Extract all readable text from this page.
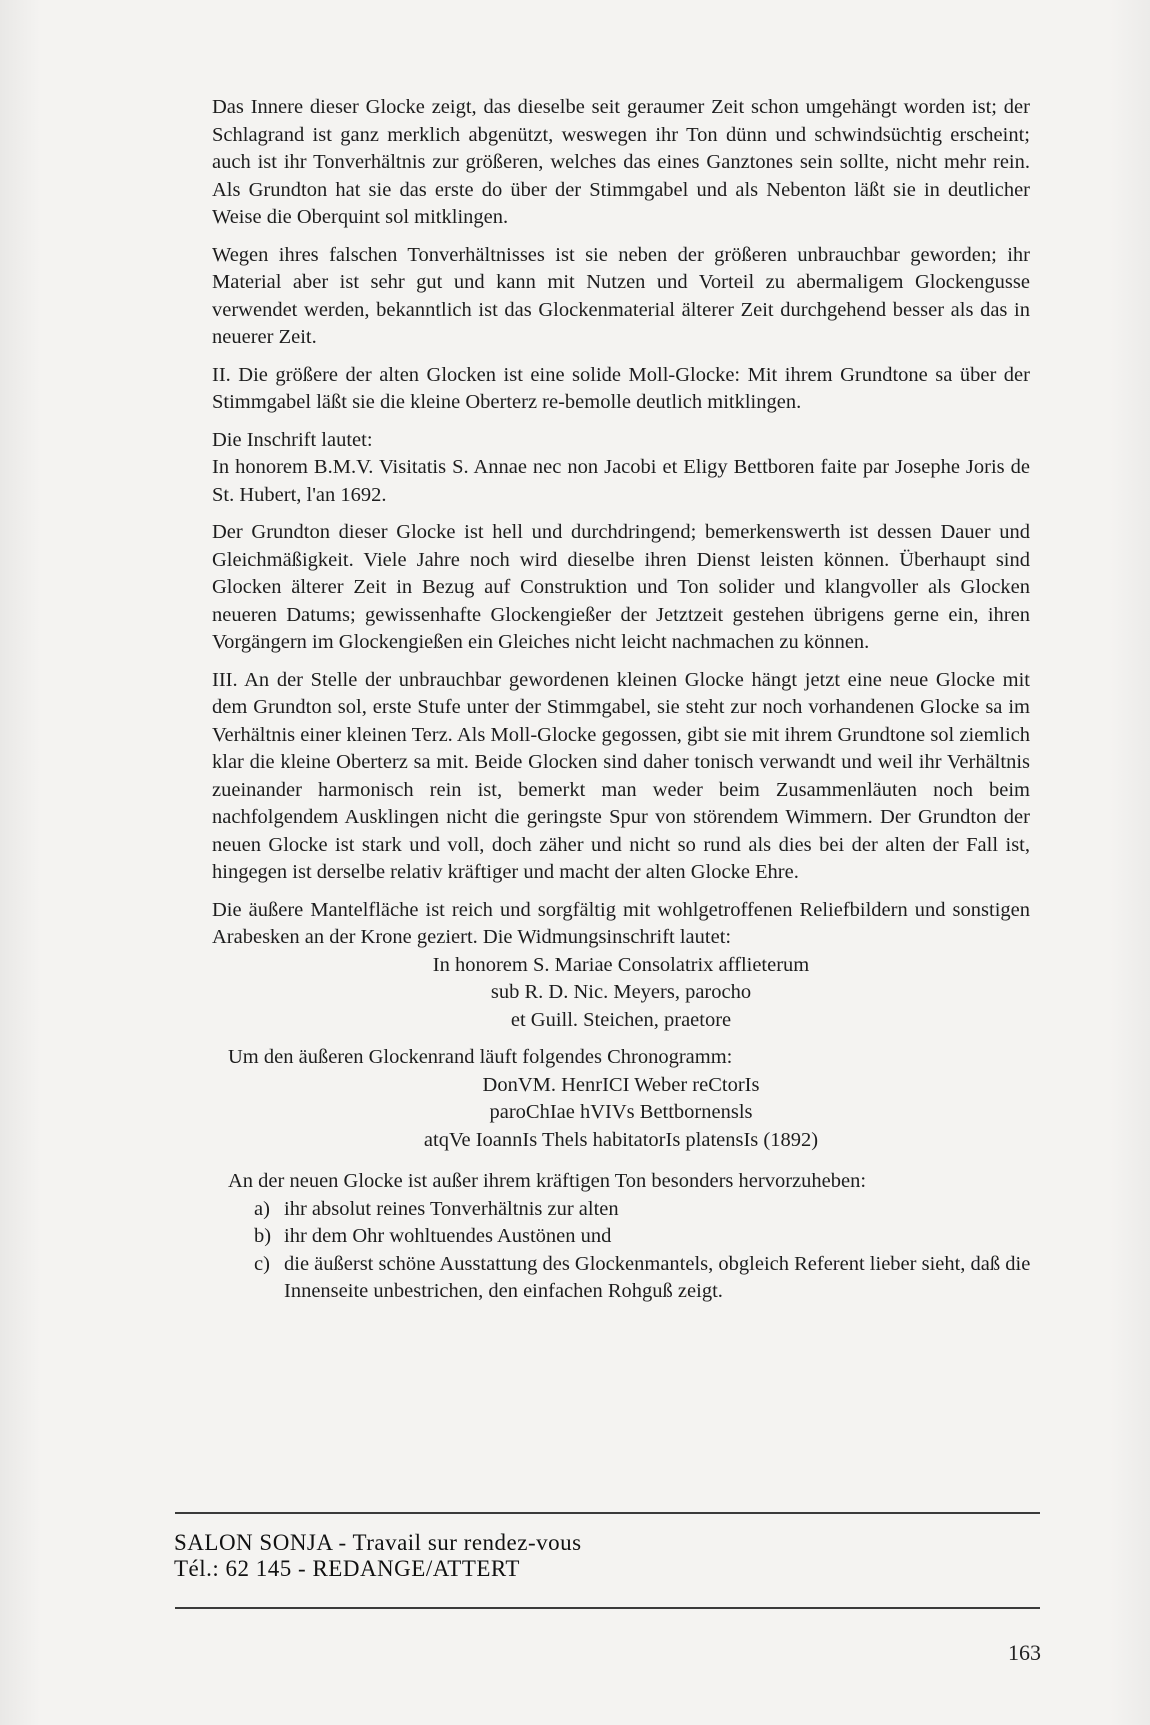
Das Innere dieser Glocke zeigt, das dieselbe seit geraumer Zeit schon umgehängt worden ist; der Schlagrand ist ganz merklich abgenützt, weswegen ihr Ton dünn und schwindsüchtig erscheint; auch ist ihr Tonverhältnis zur größeren, welches das eines Ganztones sein sollte, nicht mehr rein. Als Grundton hat sie das erste do über der Stimmgabel und als Nebenton läßt sie in deutlicher Weise die Oberquint sol mitklingen.

Wegen ihres falschen Tonverhältnisses ist sie neben der größeren unbrauchbar geworden; ihr Material aber ist sehr gut und kann mit Nutzen und Vorteil zu abermaligem Glockengusse verwendet werden, bekanntlich ist das Glockenmaterial älterer Zeit durchgehend besser als das in neuerer Zeit.

II. Die größere der alten Glocken ist eine solide Moll-Glocke: Mit ihrem Grundtone sa über der Stimmgabel läßt sie die kleine Oberterz re-bemolle deutlich mitklingen.

Die Inschrift lautet:

In honorem B.M.V. Visitatis S. Annae nec non Jacobi et Eligy Bettboren faite par Josephe Joris de St. Hubert, l'an 1692.

Der Grundton dieser Glocke ist hell und durchdringend; bemerkenswerth ist dessen Dauer und Gleichmäßigkeit. Viele Jahre noch wird dieselbe ihren Dienst leisten können. Überhaupt sind Glocken älterer Zeit in Bezug auf Construktion und Ton solider und klangvoller als Glocken neueren Datums; gewissenhafte Glockengießer der Jetztzeit gestehen übrigens gerne ein, ihren Vorgängern im Glockengießen ein Gleiches nicht leicht nachmachen zu können.

III. An der Stelle der unbrauchbar gewordenen kleinen Glocke hängt jetzt eine neue Glocke mit dem Grundton sol, erste Stufe unter der Stimmgabel, sie steht zur noch vorhandenen Glocke sa im Verhältnis einer kleinen Terz. Als Moll-Glocke gegossen, gibt sie mit ihrem Grundtone sol ziemlich klar die kleine Oberterz sa mit. Beide Glocken sind daher tonisch verwandt und weil ihr Verhältnis zueinander harmonisch rein ist, bemerkt man weder beim Zusammenläuten noch beim nachfolgendem Ausklingen nicht die geringste Spur von störendem Wimmern. Der Grundton der neuen Glocke ist stark und voll, doch zäher und nicht so rund als dies bei der alten der Fall ist, hingegen ist derselbe relativ kräftiger und macht der alten Glocke Ehre.

Die äußere Mantelfläche ist reich und sorgfältig mit wohlgetroffenen Reliefbildern und sonstigen Arabesken an der Krone geziert. Die Widmungsinschrift lautet:

In honorem S. Mariae Consolatrix afflieterum

sub R. D. Nic. Meyers, parocho

et Guill. Steichen, praetore

Um den äußeren Glockenrand läuft folgendes Chronogramm:

DonVM. HenrICI Weber reCtorIs

paroChIae hVIVs Bettbornensls

atqVe IoannIs Thels habitatorIs platensIs (1892)

An der neuen Glocke ist außer ihrem kräftigen Ton besonders hervorzuheben:

a) ihr absolut reines Tonverhältnis zur alten
b) ihr dem Ohr wohltuendes Austönen und
c) die äußerst schöne Ausstattung des Glockenmantels, obgleich Referent lieber sieht, daß die Innenseite unbestrichen, den einfachen Rohguß zeigt.

SALON SONJA - Travail sur rendez-vous

Tél.: 62 145 - REDANGE/ATTERT

163
